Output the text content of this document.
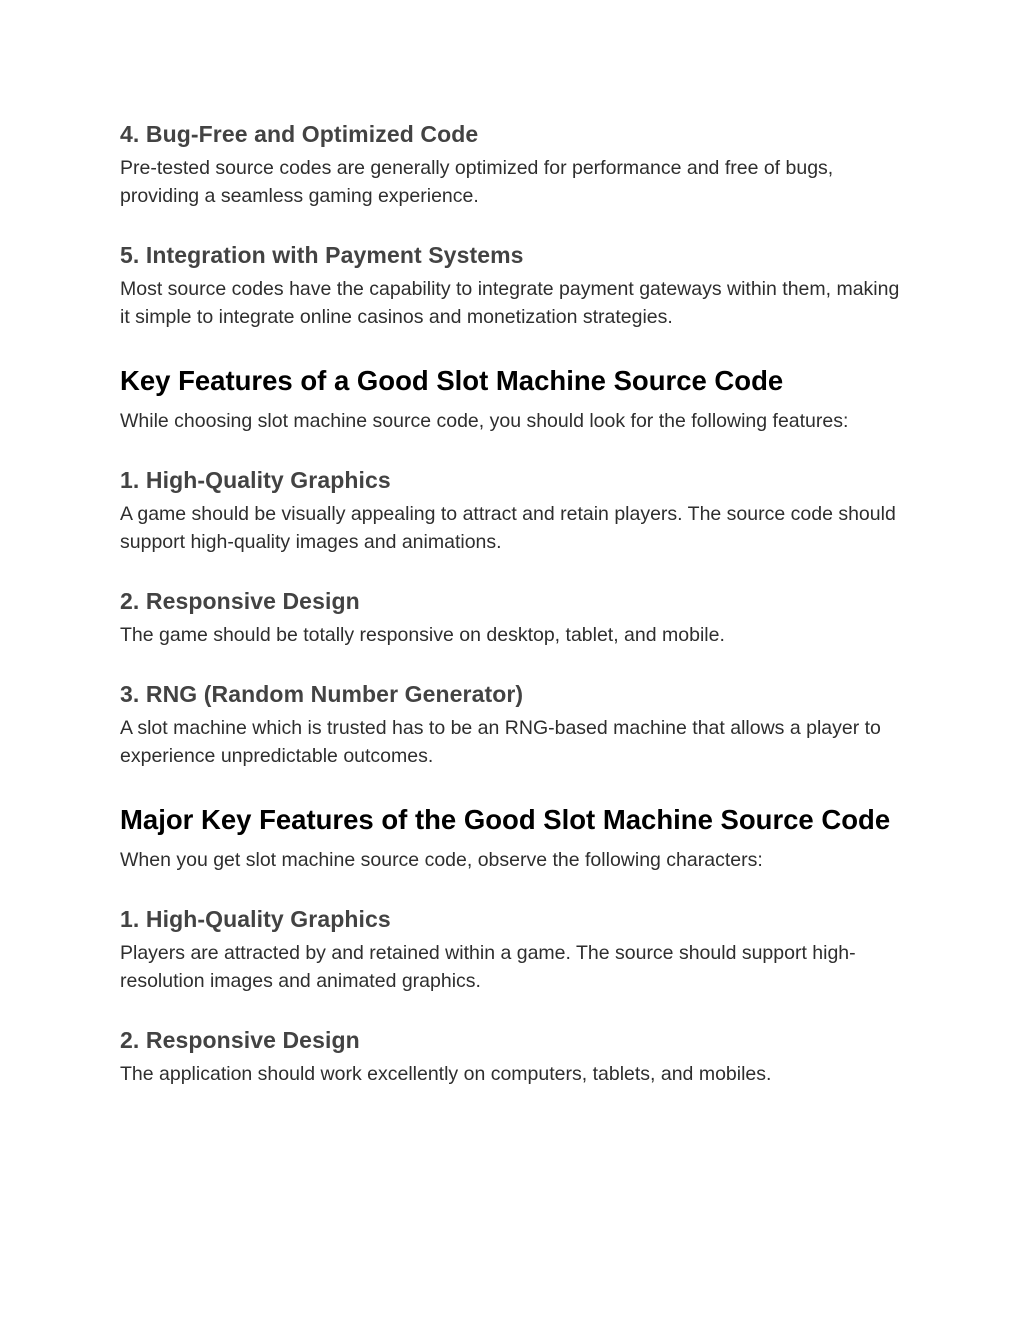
4. Bug-Free and Optimized Code

Pre-tested source codes are generally optimized for performance and free of bugs, providing a seamless gaming experience.

5. Integration with Payment Systems

Most source codes have the capability to integrate payment gateways within them, making it simple to integrate online casinos and monetization strategies.

Key Features of a Good Slot Machine Source Code

While choosing slot machine source code, you should look for the following features:

1. High-Quality Graphics

A game should be visually appealing to attract and retain players. The source code should support high-quality images and animations.

2. Responsive Design

The game should be totally responsive on desktop, tablet, and mobile.

3. RNG (Random Number Generator)

A slot machine which is trusted has to be an RNG-based machine that allows a player to experience unpredictable outcomes.

Major Key Features of the Good Slot Machine Source Code

When you get slot machine source code, observe the following characters:

1. High-Quality Graphics

Players are attracted by and retained within a game. The source should support high-resolution images and animated graphics.

2. Responsive Design

The application should work excellently on computers, tablets, and mobiles.
